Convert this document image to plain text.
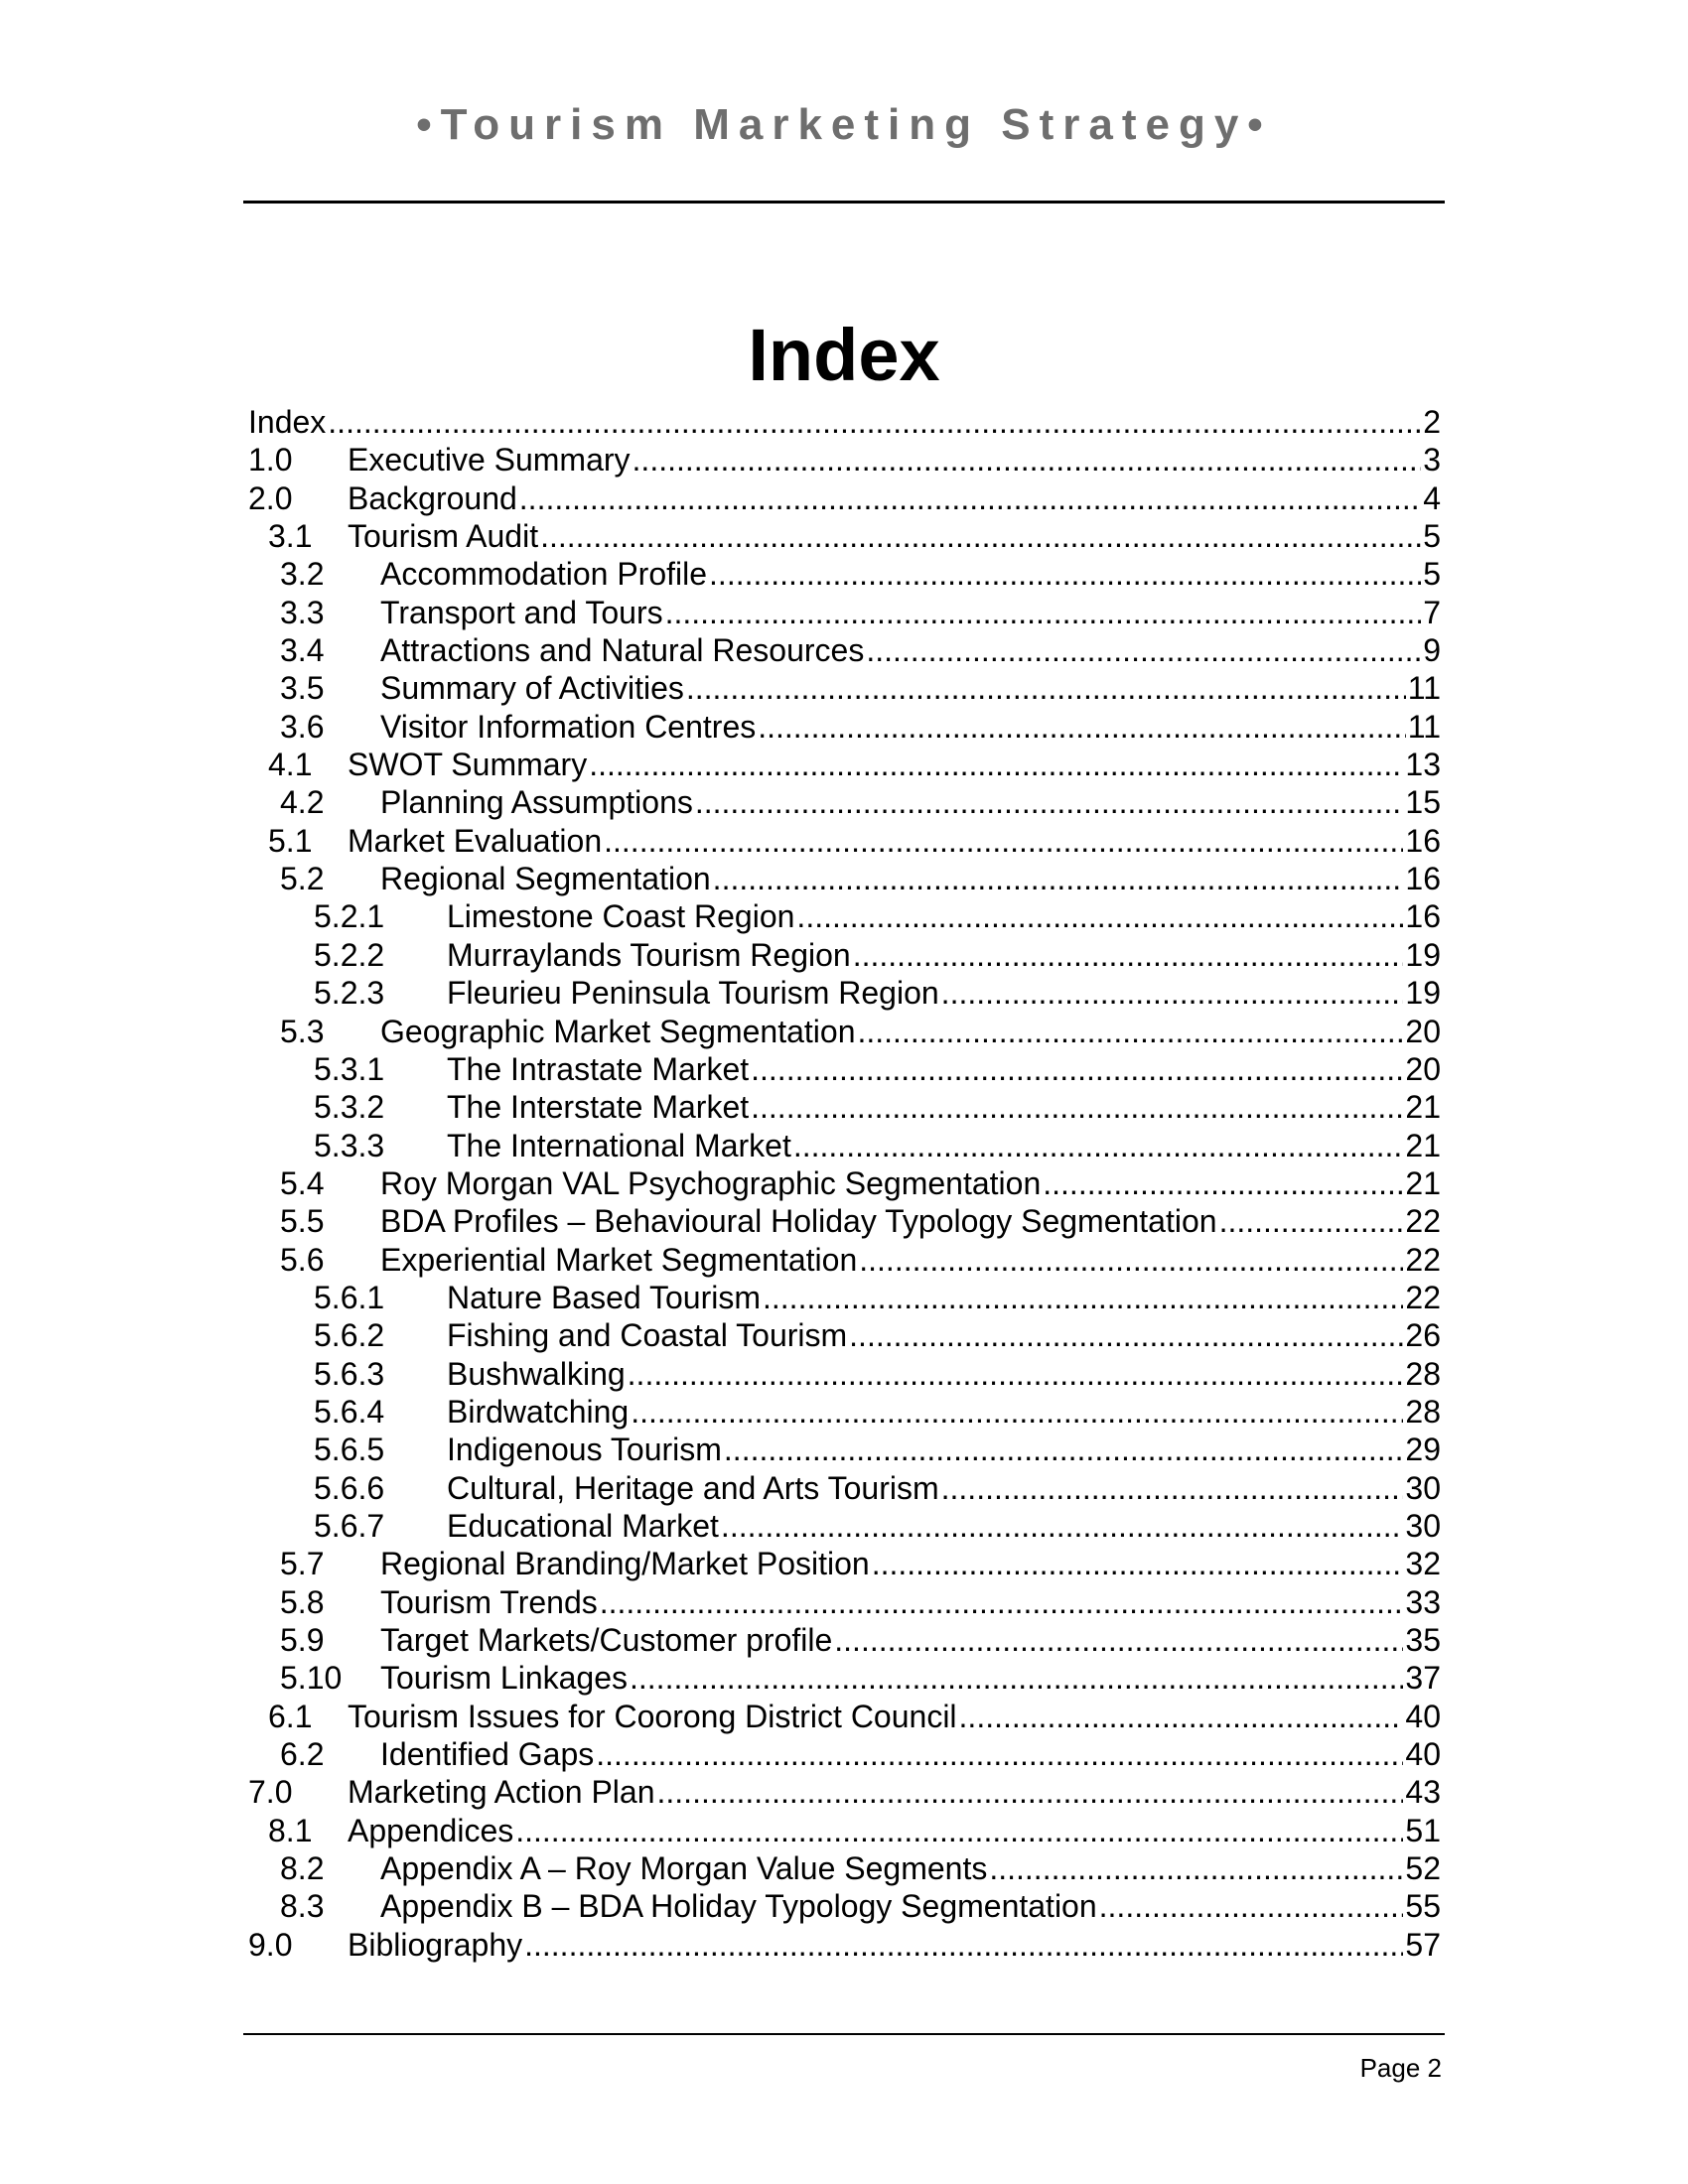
•Tourism Marketing Strategy•
Index
Index .....	2
1.0 Executive Summary .....	3
2.0 Background .....	4
3.1 Tourism Audit .....	5
3.2 Accommodation Profile .....	5
3.3 Transport and Tours .....	7
3.4 Attractions and Natural Resources .....	9
3.5 Summary of Activities .....	11
3.6 Visitor Information Centres .....	11
4.1 SWOT Summary .....	13
4.2 Planning Assumptions .....	15
5.1 Market Evaluation .....	16
5.2 Regional Segmentation .....	16
5.2.1 Limestone Coast Region .....	16
5.2.2 Murraylands Tourism Region .....	19
5.2.3 Fleurieu Peninsula Tourism Region .....	19
5.3 Geographic Market Segmentation .....	20
5.3.1 The Intrastate Market .....	20
5.3.2 The Interstate Market .....	21
5.3.3 The International Market .....	21
5.4 Roy Morgan VAL Psychographic Segmentation .....	21
5.5 BDA Profiles – Behavioural Holiday Typology Segmentation .....	22
5.6 Experiential Market Segmentation .....	22
5.6.1 Nature Based Tourism .....	22
5.6.2 Fishing and Coastal Tourism .....	26
5.6.3 Bushwalking .....	28
5.6.4 Birdwatching .....	28
5.6.5 Indigenous Tourism .....	29
5.6.6 Cultural, Heritage and Arts Tourism .....	30
5.6.7 Educational Market .....	30
5.7 Regional Branding/Market Position .....	32
5.8 Tourism Trends .....	33
5.9 Target Markets/Customer profile .....	35
5.10 Tourism Linkages .....	37
6.1 Tourism Issues for Coorong District Council .....	40
6.2 Identified Gaps .....	40
7.0 Marketing Action Plan .....	43
8.1 Appendices .....	51
8.2 Appendix A – Roy Morgan Value Segments .....	52
8.3 Appendix B – BDA Holiday Typology Segmentation .....	55
9.0 Bibliography .....	57
Page 2
